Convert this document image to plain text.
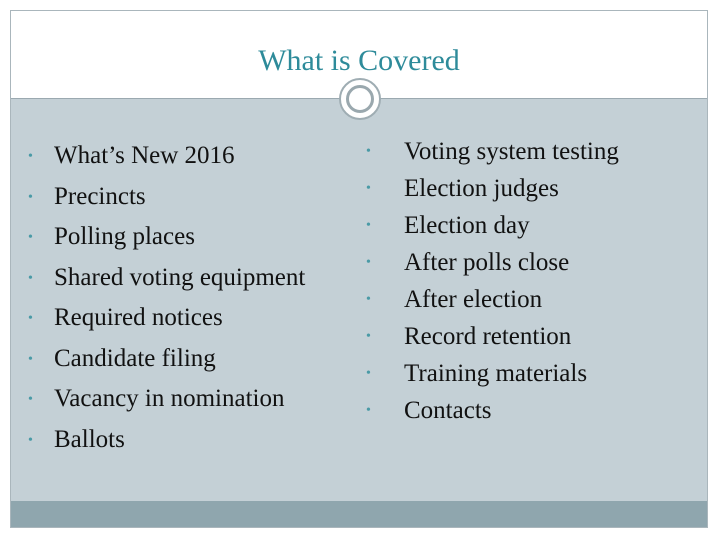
What is Covered
• What’s New 2016
• Precincts
• Polling places
• Shared voting equipment
• Required notices
• Candidate filing
• Vacancy in nomination
• Ballots
• Voting system testing
• Election judges
• Election day
• After polls close
• After election
• Record retention
• Training materials
• Contacts
